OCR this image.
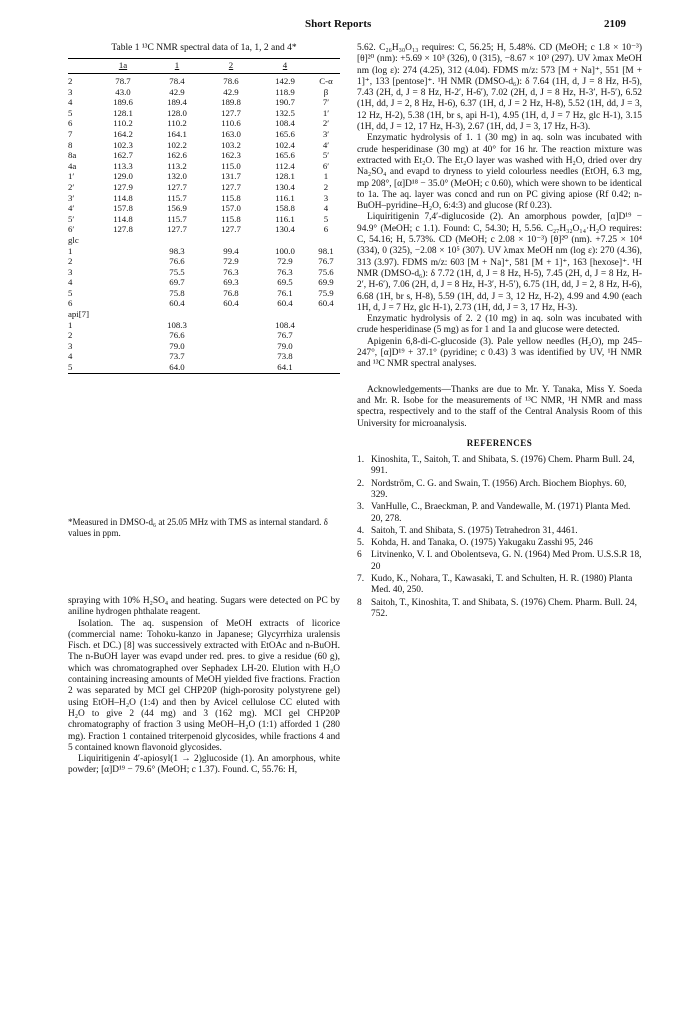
Short Reports	2109
Table 1 ¹³C NMR spectral data of 1a, 1, 2 and 4*
	1a	1	2	4	
2	78.7	78.4	78.6	142.9	C-α
3	43.0	42.9	42.9	118.9	β
4	189.6	189.4	189.8	190.7	7′
5	128.1	128.0	127.7	132.5	1′
6	110.2	110.2	110.6	108.4	2′
7	164.2	164.1	163.0	165.6	3′
8	102.3	102.2	103.2	102.4	4′
8a	162.7	162.6	162.3	165.6	5′
4a	113.3	113.2	115.0	112.4	6′
1′	129.0	132.0	131.7	128.1	1
2′	127.9	127.7	127.7	130.4	2
3′	114.8	115.7	115.8	116.1	3
4′	157.8	156.9	157.0	158.8	4
5′	114.8	115.7	115.8	116.1	5
6′	127.8	127.7	127.7	130.4	6
glc					
1		98.3	99.4	100.0	98.1
2		76.6	72.9	72.9	76.7
3		75.5	76.3	76.3	75.6
4		69.7	69.3	69.5	69.9
5		75.8	76.8	76.1	75.9
6		60.4	60.4	60.4	60.4
api[7]					
1		108.3		108.4	
2		76.6		76.7	
3		79.0		79.0	
4		73.7		73.8	
5		64.0		64.1	
*Measured in DMSO-d₆ at 25.05 MHz with TMS as internal standard. δ values in ppm.

spraying with 10% H₂SO₄ and heating. Sugars were detected on PC by aniline hydrogen phthalate reagent.

Isolation. The aq. suspension of MeOH extracts of licorice (commercial name: Tohoku-kanzo in Japanese; Glycyrrhiza uralensis Fisch. et DC.) [8] was successively extracted with EtOAc and n-BuOH. The n-BuOH layer was evapd under red. pres. to give a residue (60 g), which was chromatographed over Sephadex LH-20. Elution with H₂O containing increasing amounts of MeOH yielded five fractions. Fraction 2 was separated by MCI gel CHP20P (high-porosity polystyrene gel) using EtOH–H₂O (1:4) and then by Avicel cellulose CC eluted with H₂O to give 2 (44 mg) and 3 (162 mg). MCI gel CHP20P chromatography of fraction 3 using MeOH–H₂O (1:1) afforded 1 (280 mg). Fraction 1 contained triterpenoid glycosides, while fractions 4 and 5 contained known flavonoid glycosides.

Liquiritigenin 4′-apiosyl(1 → 2)glucoside (1). An amorphous, white powder; [α]D¹⁹ − 79.6° (MeOH; c 1.37). Found. C, 55.76: H,

5.62. C₂₆H₃₀O₁₃ requires: C, 56.25; H, 5.48%. CD (MeOH; c 1.8 × 10⁻³) [θ]²⁰ (nm): +5.69 × 10³ (326), 0 (315), −8.67 × 10³ (297). UV λmax MeOH nm (log ε): 274 (4.25), 312 (4.04). FDMS m/z: 573 [M + Na]⁺, 551 [M + 1]⁺, 133 [pentose]⁺. ¹H NMR (DMSO-d₆): δ 7.64 (1H, d, J = 8 Hz, H-5), 7.43 (2H, d, J = 8 Hz, H-2′, H-6′), 7.02 (2H, d, J = 8 Hz, H-3′, H-5′), 6.52 (1H, dd, J = 2, 8 Hz, H-6), 6.37 (1H, d, J = 2 Hz, H-8), 5.52 (1H, dd, J = 3, 12 Hz, H-2), 5.38 (1H, br s, api H-1), 4.95 (1H, d, J = 7 Hz, glc H-1), 3.15 (1H, dd, J = 12, 17 Hz, H-3), 2.67 (1H, dd, J = 3, 17 Hz, H-3).

Enzymatic hydrolysis of 1. 1 (30 mg) in aq. soln was incubated with crude hesperidinase (30 mg) at 40° for 16 hr. The reaction mixture was extracted with Et₂O. The Et₂O layer was washed with H₂O, dried over dry Na₂SO₄ and evapd to dryness to yield colourless needles (EtOH, 6.3 mg, mp 208°, [α]D¹⁸ − 35.0° (MeOH; c 0.60), which were shown to be identical to 1a. The aq. layer was concd and run on PC giving apiose (Rf 0.42; n-BuOH–pyridine–H₂O, 6:4:3) and glucose (Rf 0.23).

Liquiritigenin 7,4′-diglucoside (2). An amorphous powder, [α]D¹⁹ − 94.9° (MeOH; c 1.1). Found: C, 54.30; H, 5.56. C₂₇H₃₂O₁₄·H₂O requires: C, 54.16; H, 5.73%. CD (MeOH; c 2.08 × 10⁻³) [θ]²⁰ (nm). +7.25 × 10⁴ (334), 0 (325), −2.08 × 10⁵ (307). UV λmax MeOH nm (log ε): 270 (4.36), 313 (3.97). FDMS m/z: 603 [M + Na]⁺, 581 [M + 1]⁺, 163 [hexose]⁺. ¹H NMR (DMSO-d₆): δ 7.72 (1H, d, J = 8 Hz, H-5), 7.45 (2H, d, J = 8 Hz, H-2′, H-6′), 7.06 (2H, d, J = 8 Hz, H-3′, H-5′), 6.75 (1H, dd, J = 2, 8 Hz, H-6), 6.68 (1H, br s, H-8), 5.59 (1H, dd, J = 3, 12 Hz, H-2), 4.99 and 4.90 (each 1H, d, J = 7 Hz, glc H-1), 2.73 (1H, dd, J = 3, 17 Hz, H-3).

Enzymatic hydrolysis of 2. 2 (10 mg) in aq. soln was incubated with crude hesperidinase (5 mg) as for 1 and 1a and glucose were detected.

Apigenin 6,8-di-C-glucoside (3). Pale yellow needles (H₂O), mp 245–247°, [α]D¹⁹ + 37.1° (pyridine; c 0.43) 3 was identified by UV, ¹H NMR and ¹³C NMR spectral analyses.

Acknowledgements—Thanks are due to Mr. Y. Tanaka, Miss Y. Soeda and Mr. R. Isobe for the measurements of ¹³C NMR, ¹H NMR and mass spectra, respectively and to the staff of the Central Analysis Room of this University for microanalysis.

REFERENCES
1. Kinoshita, T., Saitoh, T. and Shibata, S. (1976) Chem. Pharm Bull. 24, 991.
2. Nordström, C. G. and Swain, T. (1956) Arch. Biochem Biophys. 60, 329.
3. VanHulle, C., Braeckman, P. and Vandewalle, M. (1971) Planta Med. 20, 278.
4. Saitoh, T. and Shibata, S. (1975) Tetrahedron 31, 4461.
5. Kohda, H. and Tanaka, O. (1975) Yakugaku Zasshi 95, 246
6 Litvinenko, V. I. and Obolentseva, G. N. (1964) Med Prom. U.S.S.R 18, 20
7. Kudo, K., Nohara, T., Kawasaki, T. and Schulten, H. R. (1980) Planta Med. 40, 250.
8 Saitoh, T., Kinoshita, T. and Shibata, S. (1976) Chem. Pharm. Bull. 24, 752.
